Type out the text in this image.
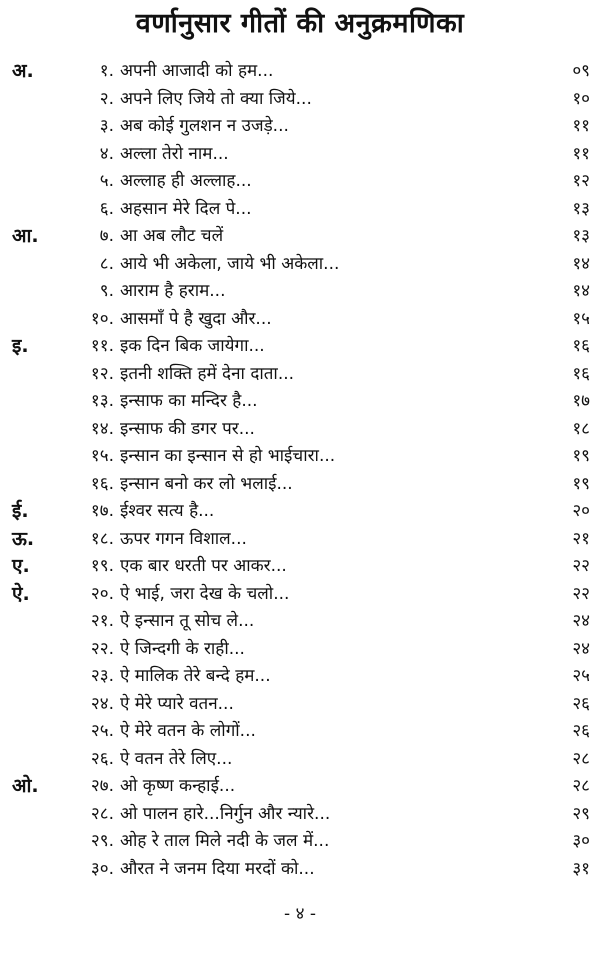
वर्णानुसार गीतों की अनुक्रमणिका
अ.	१. अपनी आजादी को हम...	०९
२. अपने लिए जिये तो क्या जिये...	१०
३. अब कोई गुलशन न उजड़े...	११
४. अल्ला तेरो नाम...	११
५. अल्लाह ही अल्लाह...	१२
६. अहसान मेरे दिल पे...	१३
आ.	७. आ अब लौट चलें	१३
८. आये भी अकेला, जाये भी अकेला...	१४
९. आराम है हराम...	१४
१०. आसमाँ पे है खुदा और...	१५
इ.	११. इक दिन बिक जायेगा...	१६
१२. इतनी शक्ति हमें देना दाता...	१६
१३. इन्साफ का मन्दिर है...	१७
१४. इन्साफ की डगर पर...	१८
१५. इन्सान का इन्सान से हो भाईचारा...	१९
१६. इन्सान बनो कर लो भलाई...	१९
ई.	१७. ईश्वर सत्य है...	२०
ऊ.	१८. ऊपर गगन विशाल...	२१
ए.	१९. एक बार धरती पर आकर...	२२
ऐ.	२०. ऐ भाई, जरा देख के चलो...	२२
२१. ऐ इन्सान तू सोच ले...	२४
२२. ऐ जिन्दगी के राही...	२४
२३. ऐ मालिक तेरे बन्दे हम...	२५
२४. ऐ मेरे प्यारे वतन...	२६
२५. ऐ मेरे वतन के लोगों...	२६
२६. ऐ वतन तेरे लिए...	२८
ओ.	२७. ओ कृष्ण कन्हाई...	२८
२८. ओ पालन हारे...निर्गुन और न्यारे...	२९
२९. ओह रे ताल मिले नदी के जल में...	३०
३०. औरत ने जनम दिया मरदों को...	३१
- ४ -
